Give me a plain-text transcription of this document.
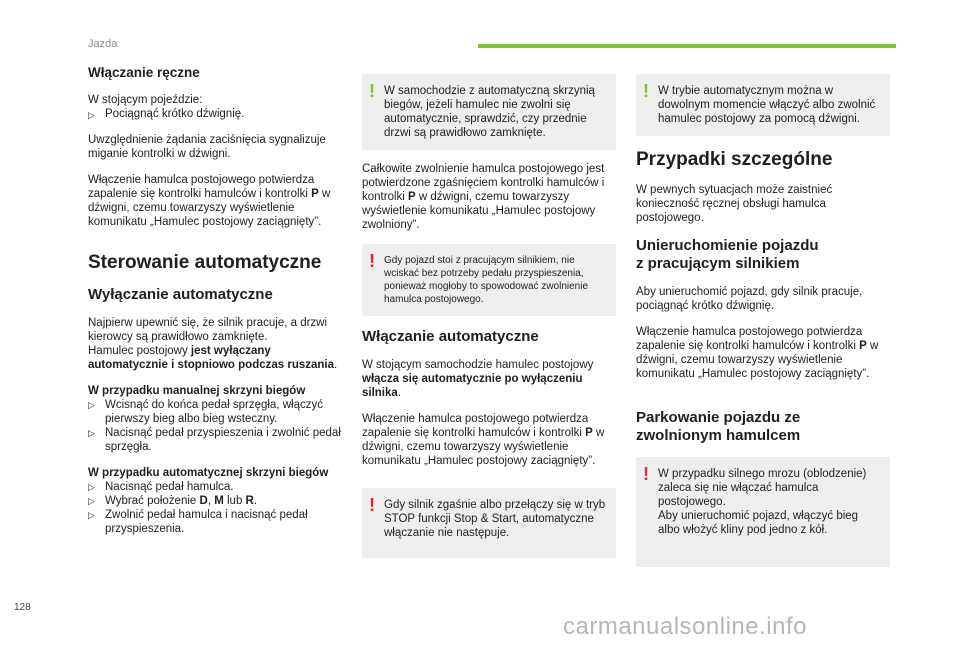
Jazda
Włączanie ręczne

W stojącym pojeździe:
▷ Pociągnąć krótko dźwignię.

Uwzględnienie żądania zaciśnięcia sygnalizuje miganie kontrolki w dźwigni.

Włączenie hamulca postojowego potwierdza zapalenie się kontrolki hamulców i kontrolki P w dźwigni, czemu towarzyszy wyświetlenie komunikatu „Hamulec postojowy zaciągnięty”.

Sterowanie automatyczne
Wyłączanie automatyczne

Najpierw upewnić się, że silnik pracuje, a drzwi kierowcy są prawidłowo zamknięte.
Hamulec postojowy jest wyłączany automatycznie i stopniowo podczas ruszania.

W przypadku manualnej skrzyni biegów

▷ Wcisnąć do końca pedał sprzęgła, włączyć pierwszy bieg albo bieg wsteczny.
▷ Nacisnąć pedał przyspieszenia i zwolnić pedał sprzęgła.

W przypadku automatycznej skrzyni biegów

▷ Nacisnąć pedał hamulca.
▷ Wybrać położenie D, M lub R.
▷ Zwolnić pedał hamulca i nacisnąć pedał przyspieszenia.

! W samochodzie z automatyczną skrzynią biegów, jeżeli hamulec nie zwolni się automatycznie, sprawdzić, czy przednie drzwi są prawidłowo zamknięte.

Całkowite zwolnienie hamulca postojowego jest potwierdzone zgaśnięciem kontrolki hamulców i kontrolki P w dźwigni, czemu towarzyszy wyświetlenie komunikatu „Hamulec postojowy zwolniony”.

! Gdy pojazd stoi z pracującym silnikiem, nie wciskać bez potrzeby pedału przyspieszenia, ponieważ mogłoby to spowodować zwolnienie hamulca postojowego.
Włączanie automatyczne

W stojącym samochodzie hamulec postojowy włącza się automatycznie po wyłączeniu silnika.

Włączenie hamulca postojowego potwierdza zapalenie się kontrolki hamulców i kontrolki P w dźwigni, czemu towarzyszy wyświetlenie komunikatu „Hamulec postojowy zaciągnięty”.

! Gdy silnik zgaśnie albo przełączy się w tryb STOP funkcji Stop & Start, automatyczne włączanie nie następuje.
! W trybie automatycznym można w dowolnym momencie włączyć albo zwolnić hamulec postojowy za pomocą dźwigni.
Przypadki szczególne

W pewnych sytuacjach może zaistnieć konieczność ręcznej obsługi hamulca postojowego.

Unieruchomienie pojazdu
z pracującym silnikiem

Aby unieruchomić pojazd, gdy silnik pracuje, pociągnąć krótko dźwignię.

Włączenie hamulca postojowego potwierdza zapalenie się kontrolki hamulców i kontrolki P w dźwigni, czemu towarzyszy wyświetlenie komunikatu „Hamulec postojowy zaciągnięty”.

Parkowanie pojazdu ze
zwolnionym hamulcem
! W przypadku silnego mrozu (oblodzenie) zaleca się nie włączać hamulca postojowego.
Aby unieruchomić pojazd, włączyć bieg albo włożyć kliny pod jedno z kół.
128
carmanualsonline.info
